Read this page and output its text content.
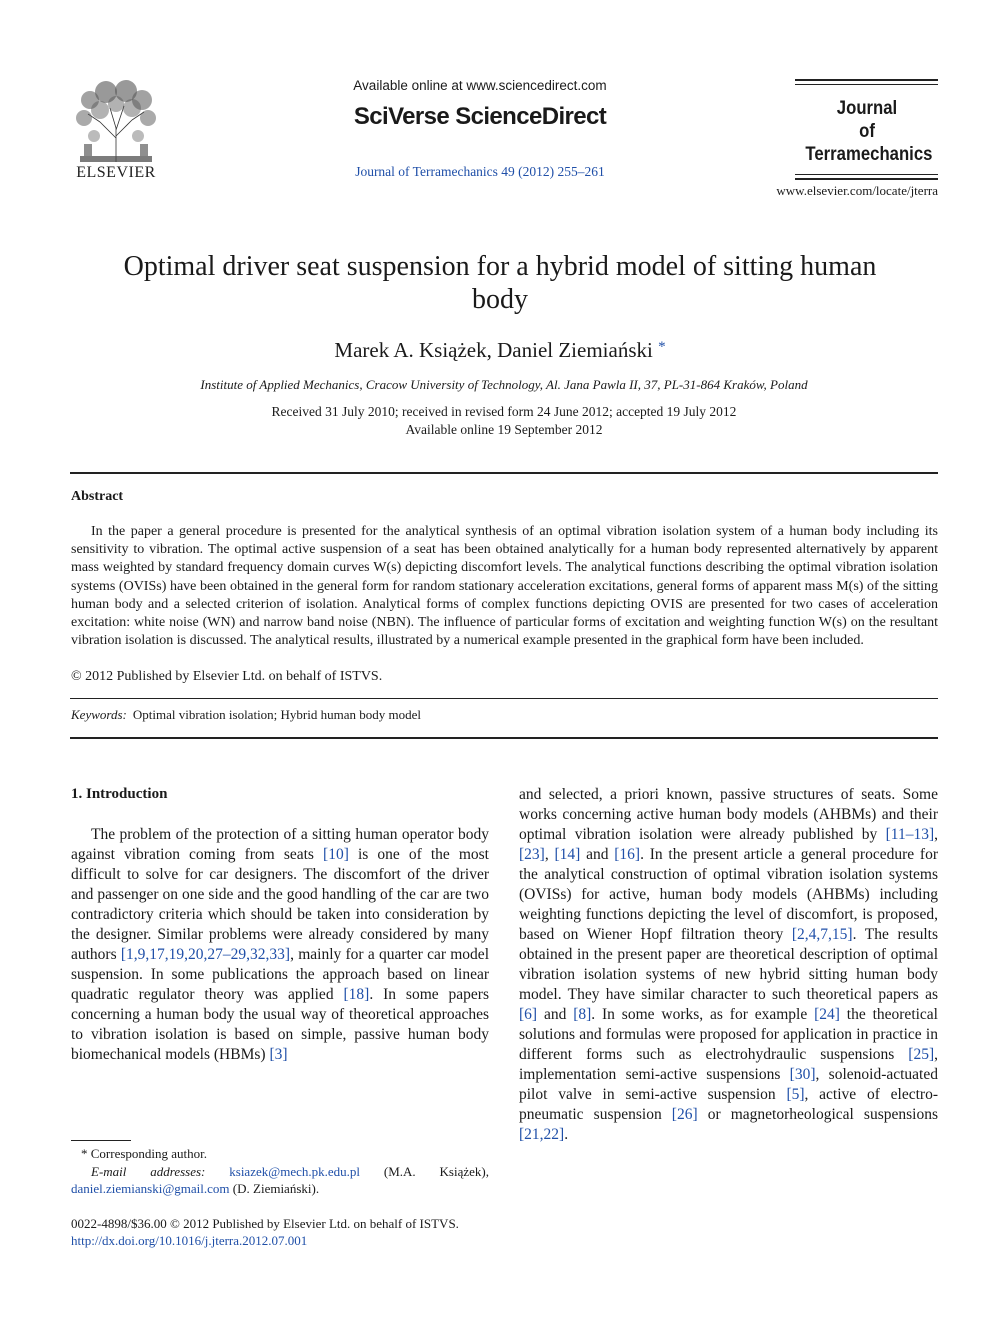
ELSEVIER
Available online at www.sciencedirect.com
SciVerse ScienceDirect
Journal of Terramechanics 49 (2012) 255–261
Journal
of
Terramechanics
www.elsevier.com/locate/jterra
Optimal driver seat suspension for a hybrid model of sitting human body
Marek A. Książek, Daniel Ziemiański *
Institute of Applied Mechanics, Cracow University of Technology, Al. Jana Pawla II, 37, PL-31-864 Kraków, Poland
Received 31 July 2010; received in revised form 24 June 2012; accepted 19 July 2012
Available online 19 September 2012
Abstract

In the paper a general procedure is presented for the analytical synthesis of an optimal vibration isolation system of a human body including its sensitivity to vibration. The optimal active suspension of a seat has been obtained analytically for a human body represented alternatively by apparent mass weighted by standard frequency domain curves W(s) depicting discomfort levels. The analytical functions describing the optimal vibration isolation systems (OVISs) have been obtained in the general form for random stationary acceleration excitations, general forms of apparent mass M(s) of the sitting human body and a selected criterion of isolation. Analytical forms of complex functions depicting OVIS are presented for two cases of acceleration excitation: white noise (WN) and narrow band noise (NBN). The influence of particular forms of excitation and weighting function W(s) on the resultant vibration isolation is discussed. The analytical results, illustrated by a numerical example presented in the graphical form have been included.

© 2012 Published by Elsevier Ltd. on behalf of ISTVS.
Keywords: Optimal vibration isolation; Hybrid human body model
1. Introduction

The problem of the protection of a sitting human operator body against vibration coming from seats [10] is one of the most difficult to solve for car designers. The discomfort of the driver and passenger on one side and the good handling of the car are two contradictory criteria which should be taken into consideration by the designer. Similar problems were already considered by many authors [1,9,17,19,20,27–29,32,33], mainly for a quarter car model suspension. In some publications the approach based on linear quadratic regulator theory was applied [18]. In some papers concerning a human body the usual way of theoretical approaches to vibration isolation is based on simple, passive human body biomechanical models (HBMs) [3]

and selected, a priori known, passive structures of seats. Some works concerning active human body models (AHBMs) and their optimal vibration isolation were already published by [11–13], [23], [14] and [16]. In the present article a general procedure for the analytical construction of optimal vibration isolation systems (OVISs) for active, human body models (AHBMs) including weighting functions depicting the level of discomfort, is proposed, based on Wiener Hopf filtration theory [2,4,7,15]. The results obtained in the present paper are theoretical description of optimal vibration isolation systems of new hybrid sitting human body model. They have similar character to such theoretical papers as [6] and [8]. In some works, as for example [24] the theoretical solutions and formulas were proposed for application in practice in different forms such as electrohydraulic suspensions [25], implementation semi-active suspensions [30], solenoid-actuated pilot valve in semi-active suspension [5], active of electro-pneumatic suspension [26] or magnetorheological suspensions [21,22].

* Corresponding author.
E-mail addresses: ksiazek@mech.pk.edu.pl (M.A. Książek), daniel.ziemianski@gmail.com (D. Ziemiański).
0022-4898/$36.00 © 2012 Published by Elsevier Ltd. on behalf of ISTVS.
http://dx.doi.org/10.1016/j.jterra.2012.07.001
